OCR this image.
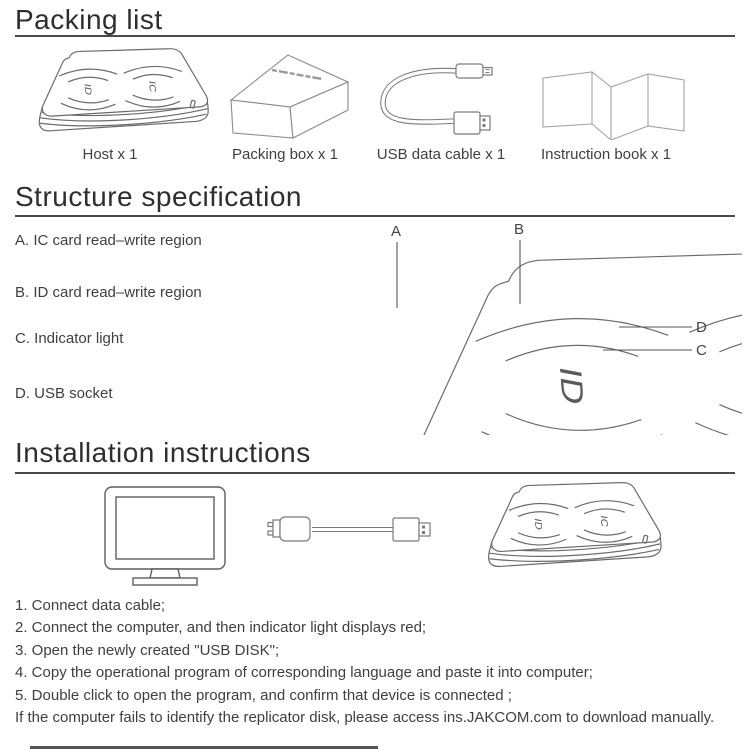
Packing list
Host x 1	Packing box x 1	USB data cable x 1 Instruction book x 1
Structure specification
A. IC card read–write region
B. ID card read–write region
C. Indicator light
D. USB socket
A	B
D
C
Installation instructions
1. Connect data cable;
2. Connect the computer, and then indicator light displays red;
3. Open the newly created "USB DISK";
4. Copy the operational program of corresponding language and paste it into computer;
5. Double click to open the program, and confirm that device is connected ;
If the computer fails to identify the replicator disk, please access ins.JAKCOM.com to download manually.
